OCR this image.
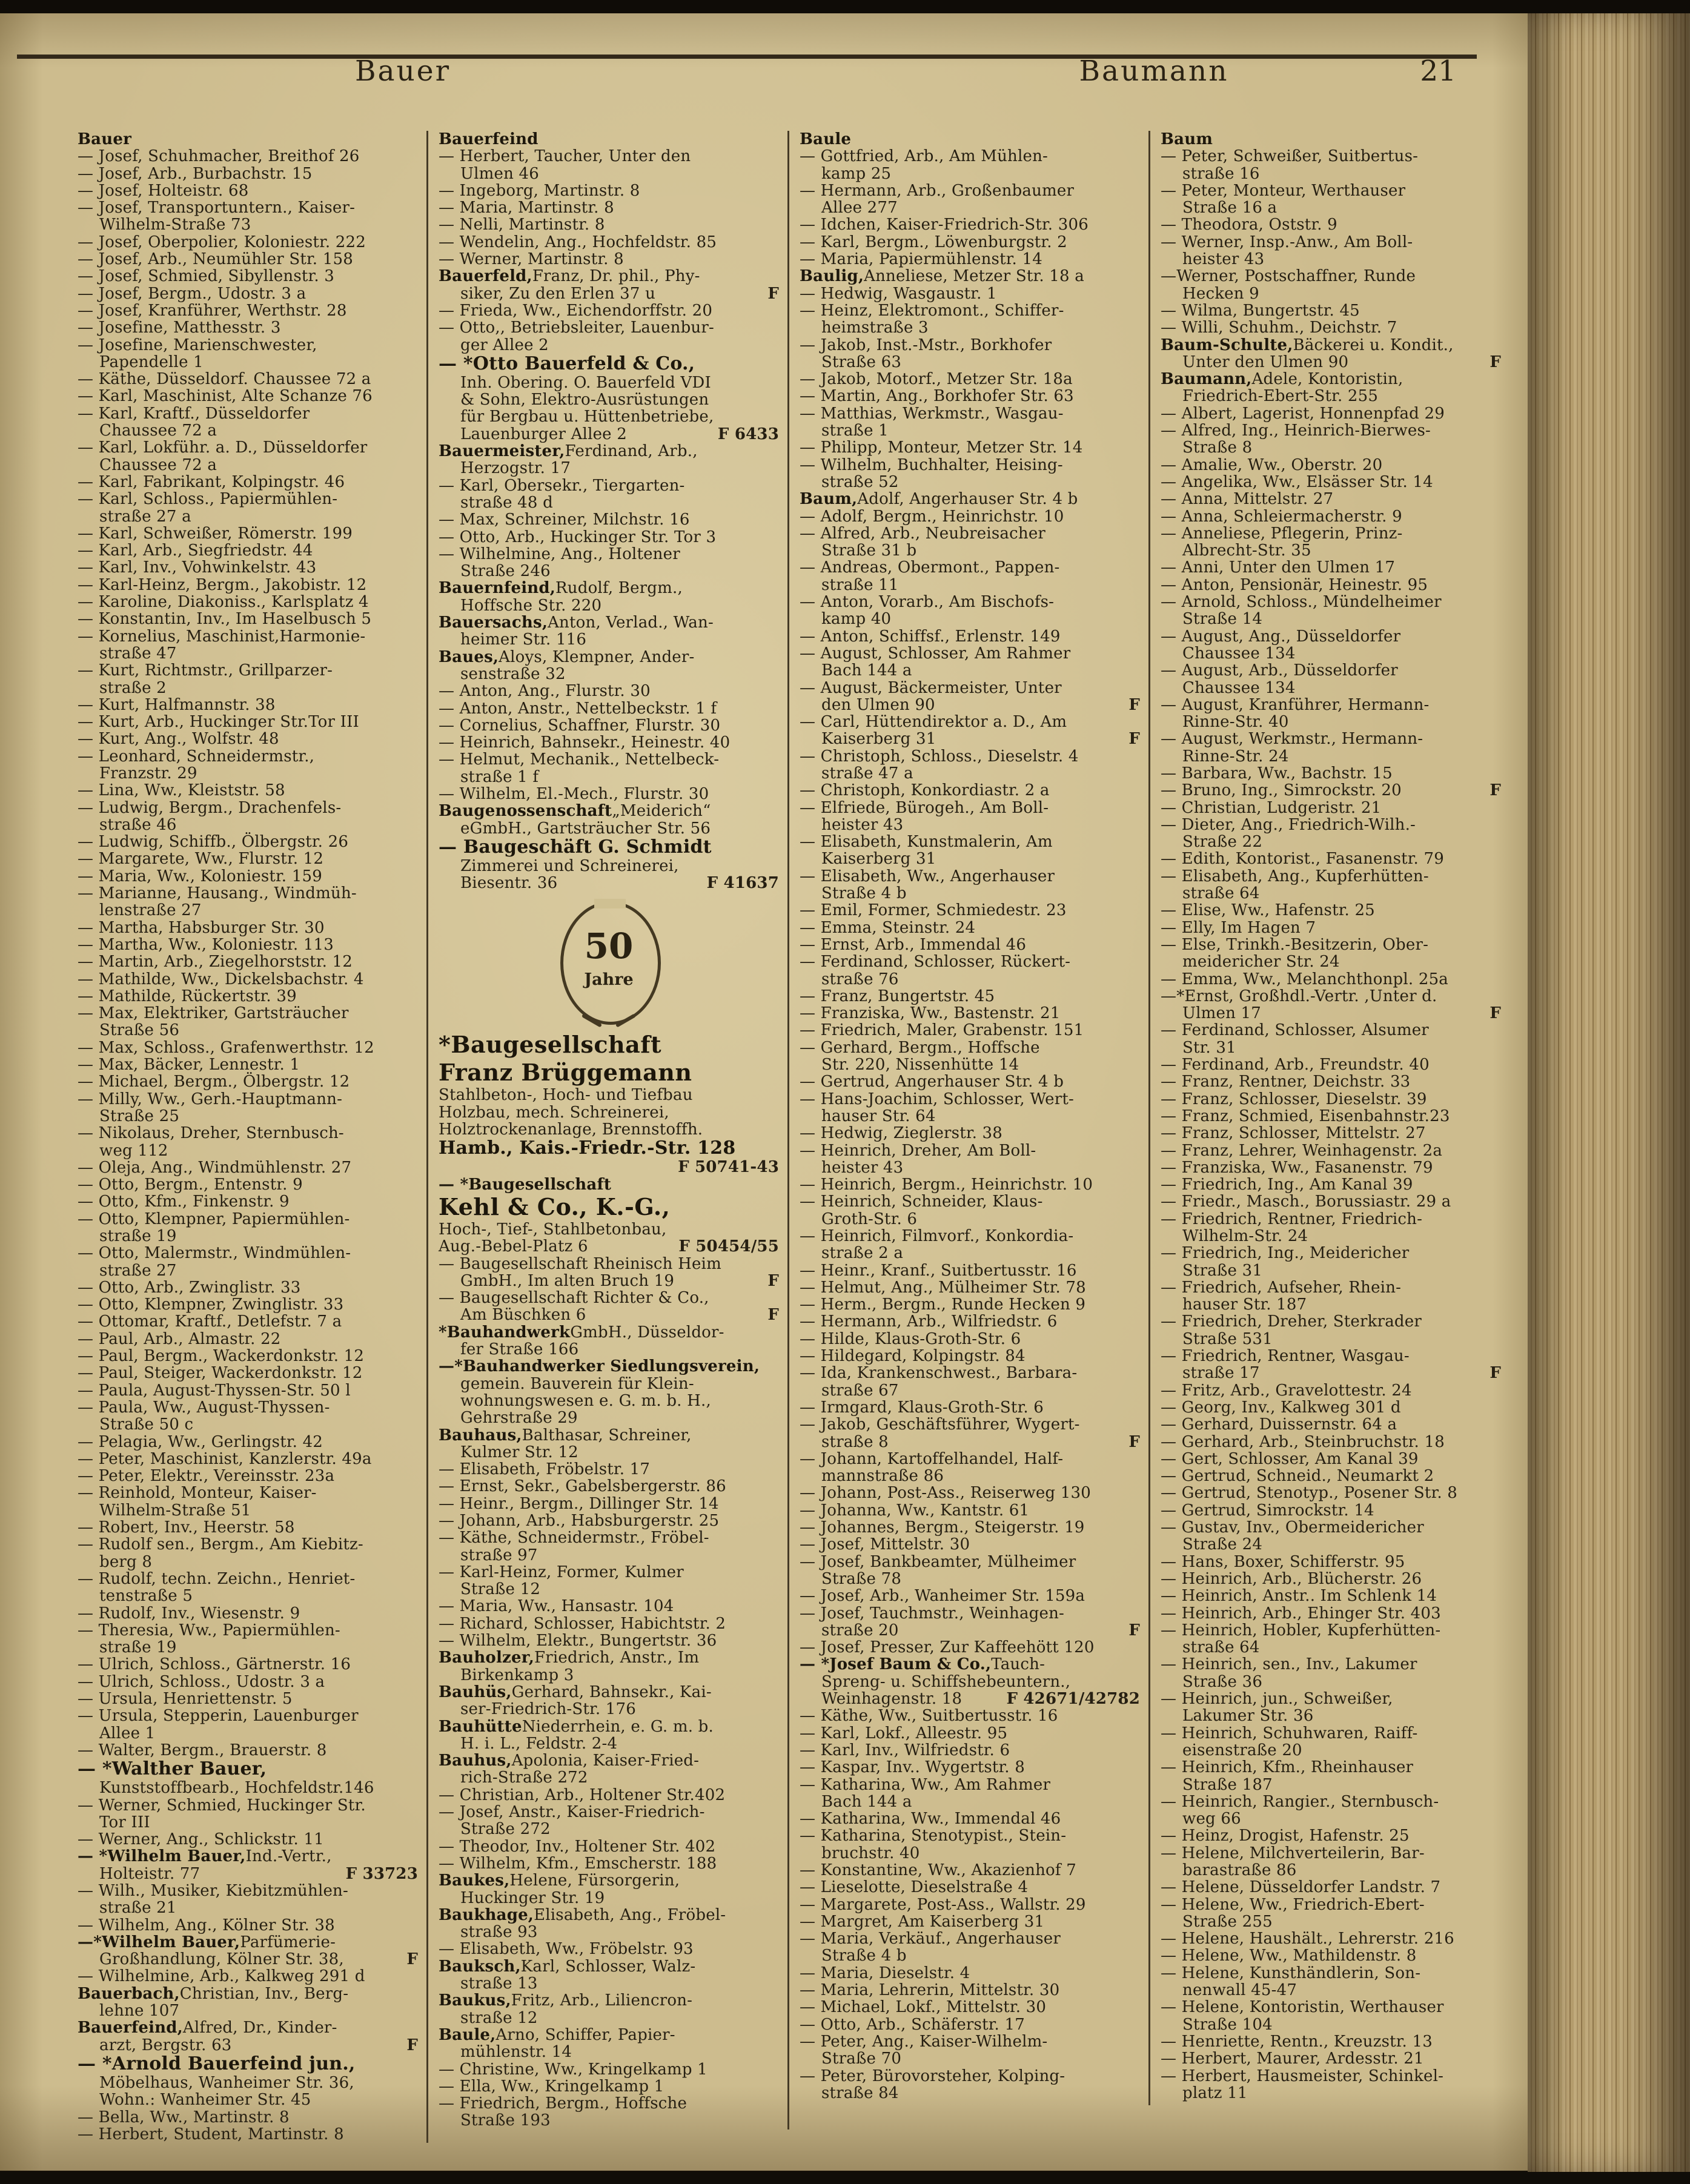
Bauer	Baumann	21
Bauer
— Josef, Schuhmacher, Breithof 26
— Josef, Arb., Burbachstr. 15
— Josef, Holteistr. 68
— Josef, Transportuntern., Kaiser-
Wilhelm-Straße 73
— Josef, Oberpolier, Koloniestr. 222
— Josef, Arb., Neumühler Str. 158
— Josef, Schmied, Sibyllenstr. 3
— Josef, Bergm., Udostr. 3 a
— Josef, Kranführer, Werthstr. 28
— Josefine, Matthesstr. 3
— Josefine, Marienschwester,
Papendelle 1
— Käthe, Düsseldorf. Chaussee 72 a
— Karl, Maschinist, Alte Schanze 76
— Karl, Kraftf., Düsseldorfer
Chaussee 72 a
— Karl, Lokführ. a. D., Düsseldorfer
Chaussee 72 a
— Karl, Fabrikant, Kolpingstr. 46
— Karl, Schloss., Papiermühlen-
straße 27 a
— Karl, Schweißer, Römerstr. 199
— Karl, Arb., Siegfriedstr. 44
— Karl, Inv., Vohwinkelstr. 43
— Karl-Heinz, Bergm., Jakobistr. 12
— Karoline, Diakoniss., Karlsplatz 4
— Konstantin, Inv., Im Haselbusch 5
— Kornelius, Maschinist,Harmonie-
straße 47
— Kurt, Richtmstr., Grillparzer-
straße 2
— Kurt, Halfmannstr. 38
— Kurt, Arb., Huckinger Str.Tor III
— Kurt, Ang., Wolfstr. 48
— Leonhard, Schneidermstr.,
Franzstr. 29
— Lina, Ww., Kleiststr. 58
— Ludwig, Bergm., Drachenfels-
straße 46
— Ludwig, Schiffb., Ölbergstr. 26
— Margarete, Ww., Flurstr. 12
— Maria, Ww., Koloniestr. 159
— Marianne, Hausang., Windmüh-
lenstraße 27
— Martha, Habsburger Str. 30
— Martha, Ww., Koloniestr. 113
— Martin, Arb., Ziegelhorststr. 12
— Mathilde, Ww., Dickelsbachstr. 4
— Mathilde, Rückertstr. 39
— Max, Elektriker, Gartsträucher
Straße 56
— Max, Schloss., Grafenwerthstr. 12
— Max, Bäcker, Lennestr. 1
— Michael, Bergm., Ölbergstr. 12
— Milly, Ww., Gerh.-Hauptmann-
Straße 25
— Nikolaus, Dreher, Sternbusch-
weg 112
— Oleja, Ang., Windmühlenstr. 27
— Otto, Bergm., Entenstr. 9
— Otto, Kfm., Finkenstr. 9
— Otto, Klempner, Papiermühlen-
straße 19
— Otto, Malermstr., Windmühlen-
straße 27
— Otto, Arb., Zwinglistr. 33
— Otto, Klempner, Zwinglistr. 33
— Ottomar, Kraftf., Detlefstr. 7 a
— Paul, Arb., Almastr. 22
— Paul, Bergm., Wackerdonkstr. 12
— Paul, Steiger, Wackerdonkstr. 12
— Paula, August-Thyssen-Str. 50 l
— Paula, Ww., August-Thyssen-
Straße 50 c
— Pelagia, Ww., Gerlingstr. 42
— Peter, Maschinist, Kanzlerstr. 49a
— Peter, Elektr., Vereinsstr. 23a
— Reinhold, Monteur, Kaiser-
Wilhelm-Straße 51
— Robert, Inv., Heerstr. 58
— Rudolf sen., Bergm., Am Kiebitz-
berg 8
— Rudolf, techn. Zeichn., Henriet-
tenstraße 5
— Rudolf, Inv., Wiesenstr. 9
— Theresia, Ww., Papiermühlen-
straße 19
— Ulrich, Schloss., Gärtnerstr. 16
— Ulrich, Schloss., Udostr. 3 a
— Ursula, Henriettenstr. 5
— Ursula, Stepperin, Lauenburger
Allee 1
— Walter, Bergm., Brauerstr. 8
— *Walther Bauer,
Kunststoffbearb., Hochfeldstr.146
— Werner, Schmied, Huckinger Str.
Tor III
— Werner, Ang., Schlickstr. 11
— *Wilhelm Bauer, Ind.-Vertr.,
Holteistr. 77	F 33723
— Wilh., Musiker, Kiebitzmühlen-
straße 21
— Wilhelm, Ang., Kölner Str. 38
—*Wilhelm Bauer, Parfümerie-
Großhandlung, Kölner Str. 38,	F
— Wilhelmine, Arb., Kalkweg 291 d
Bauerbach, Christian, Inv., Berg-
lehne 107
Bauerfeind, Alfred, Dr., Kinder-
arzt, Bergstr. 63	F
— *Arnold Bauerfeind jun.,
Möbelhaus, Wanheimer Str. 36,
Wohn.: Wanheimer Str. 45
— Bella, Ww., Martinstr. 8
— Herbert, Student, Martinstr. 8
Bauerfeind
— Herbert, Taucher, Unter den
Ulmen 46
— Ingeborg, Martinstr. 8
— Maria, Martinstr. 8
— Nelli, Martinstr. 8
— Wendelin, Ang., Hochfeldstr. 85
— Werner, Martinstr. 8
Bauerfeld, Franz, Dr. phil., Phy-
siker, Zu den Erlen 37 u	F
— Frieda, Ww., Eichendorffstr. 20
— Otto,, Betriebsleiter, Lauenbur-
ger Allee 2
— *Otto Bauerfeld & Co.,
Inh. Obering. O. Bauerfeld VDI
& Sohn, Elektro-Ausrüstungen
für Bergbau u. Hüttenbetriebe,
Lauenburger Allee 2	F 6433
Bauermeister, Ferdinand, Arb.,
Herzogstr. 17
— Karl, Obersekr., Tiergarten-
straße 48 d
— Max, Schreiner, Milchstr. 16
— Otto, Arb., Huckinger Str. Tor 3
— Wilhelmine, Ang., Holtener
Straße 246
Bauernfeind, Rudolf, Bergm.,
Hoffsche Str. 220
Bauersachs, Anton, Verlad., Wan-
heimer Str. 116
Baues, Aloys, Klempner, Ander-
senstraße 32
— Anton, Ang., Flurstr. 30
— Anton, Anstr., Nettelbeckstr. 1 f
— Cornelius, Schaffner, Flurstr. 30
— Heinrich, Bahnsekr., Heinestr. 40
— Helmut, Mechanik., Nettelbeck-
straße 1 f
— Wilhelm, El.-Mech., Flurstr. 30
Baugenossenschaft „Meiderich“
eGmbH., Gartsträucher Str. 56
— Baugeschäft G. Schmidt
Zimmerei und Schreinerei,
Biesentr. 36	F 41637
50
Jahre
*Baugesellschaft
Franz Brüggemann
Stahlbeton-, Hoch- und Tiefbau
Holzbau, mech. Schreinerei,
Holztrockenanlage, Brennstoffh.
Hamb., Kais.-Friedr.-Str. 128
F 50741-43
— *Baugesellschaft
Kehl & Co., K.-G.,
Hoch-, Tief-, Stahlbetonbau,
Aug.-Bebel-Platz 6	F 50454/55
— Baugesellschaft Rheinisch Heim
GmbH., Im alten Bruch 19	F
— Baugesellschaft Richter & Co.,
Am Büschken 6	F
*Bauhandwerk GmbH., Düsseldor-
fer Straße 166
—*Bauhandwerker Siedlungsverein,
gemein. Bauverein für Klein-
wohnungswesen e. G. m. b. H.,
Gehrstraße 29
Bauhaus, Balthasar, Schreiner,
Kulmer Str. 12
— Elisabeth, Fröbelstr. 17
— Ernst, Sekr., Gabelsbergerstr. 86
— Heinr., Bergm., Dillinger Str. 14
— Johann, Arb., Habsburgerstr. 25
— Käthe, Schneidermstr., Fröbel-
straße 97
— Karl-Heinz, Former, Kulmer
Straße 12
— Maria, Ww., Hansastr. 104
— Richard, Schlosser, Habichtstr. 2
— Wilhelm, Elektr., Bungertstr. 36
Bauholzer, Friedrich, Anstr., Im
Birkenkamp 3
Bauhüs, Gerhard, Bahnsekr., Kai-
ser-Friedrich-Str. 176
Bauhütte Niederrhein, e. G. m. b.
H. i. L., Feldstr. 2-4
Bauhus, Apolonia, Kaiser-Fried-
rich-Straße 272
— Christian, Arb., Holtener Str.402
— Josef, Anstr., Kaiser-Friedrich-
Straße 272
— Theodor, Inv., Holtener Str. 402
— Wilhelm, Kfm., Emscherstr. 188
Baukes, Helene, Fürsorgerin,
Huckinger Str. 19
Baukhage, Elisabeth, Ang., Fröbel-
straße 93
— Elisabeth, Ww., Fröbelstr. 93
Bauksch, Karl, Schlosser, Walz-
straße 13
Baukus, Fritz, Arb., Liliencron-
straße 12
Baule, Arno, Schiffer, Papier-
mühlenstr. 14
— Christine, Ww., Kringelkamp 1
— Ella, Ww., Kringelkamp 1
— Friedrich, Bergm., Hoffsche
Straße 193
Baule
— Gottfried, Arb., Am Mühlen-
kamp 25
— Hermann, Arb., Großenbaumer
Allee 277
— Idchen, Kaiser-Friedrich-Str. 306
— Karl, Bergm., Löwenburgstr. 2
— Maria, Papiermühlenstr. 14
Baulig, Anneliese, Metzer Str. 18 a
— Hedwig, Wasgaustr. 1
— Heinz, Elektromont., Schiffer-
heimstraße 3
— Jakob, Inst.-Mstr., Borkhofer
Straße 63
— Jakob, Motorf., Metzer Str. 18a
— Martin, Ang., Borkhofer Str. 63
— Matthias, Werkmstr., Wasgau-
straße 1
— Philipp, Monteur, Metzer Str. 14
— Wilhelm, Buchhalter, Heising-
straße 52
Baum, Adolf, Angerhauser Str. 4 b
— Adolf, Bergm., Heinrichstr. 10
— Alfred, Arb., Neubreisacher
Straße 31 b
— Andreas, Obermont., Pappen-
straße 11
— Anton, Vorarb., Am Bischofs-
kamp 40
— Anton, Schiffsf., Erlenstr. 149
— August, Schlosser, Am Rahmer
Bach 144 a
— August, Bäckermeister, Unter
den Ulmen 90	F
— Carl, Hüttendirektor a. D., Am
Kaiserberg 31	F
— Christoph, Schloss., Dieselstr. 4
straße 47 a
— Christoph, Konkordiastr. 2 a
— Elfriede, Bürogeh., Am Boll-
heister 43
— Elisabeth, Kunstmalerin, Am
Kaiserberg 31
— Elisabeth, Ww., Angerhauser
Straße 4 b
— Emil, Former, Schmiedestr. 23
— Emma, Steinstr. 24
— Ernst, Arb., Immendal 46
— Ferdinand, Schlosser, Rückert-
straße 76
— Franz, Bungertstr. 45
— Franziska, Ww., Bastenstr. 21
— Friedrich, Maler, Grabenstr. 151
— Gerhard, Bergm., Hoffsche
Str. 220, Nissenhütte 14
— Gertrud, Angerhauser Str. 4 b
— Hans-Joachim, Schlosser, Wert-
hauser Str. 64
— Hedwig, Zieglerstr. 38
— Heinrich, Dreher, Am Boll-
heister 43
— Heinrich, Bergm., Heinrichstr. 10
— Heinrich, Schneider, Klaus-
Groth-Str. 6
— Heinrich, Filmvorf., Konkordia-
straße 2 a
— Heinr., Kranf., Suitbertusstr. 16
— Helmut, Ang., Mülheimer Str. 78
— Herm., Bergm., Runde Hecken 9
— Hermann, Arb., Wilfriedstr. 6
— Hilde, Klaus-Groth-Str. 6
— Hildegard, Kolpingstr. 84
— Ida, Krankenschwest., Barbara-
straße 67
— Irmgard, Klaus-Groth-Str. 6
— Jakob, Geschäftsführer, Wygert-
straße 8	F
— Johann, Kartoffelhandel, Half-
mannstraße 86
— Johann, Post-Ass., Reiserweg 130
— Johanna, Ww., Kantstr. 61
— Johannes, Bergm., Steigerstr. 19
— Josef, Mittelstr. 30
— Josef, Bankbeamter, Mülheimer
Straße 78
— Josef, Arb., Wanheimer Str. 159a
— Josef, Tauchmstr., Weinhagen-
straße 20	F
— Josef, Presser, Zur Kaffeehött 120
— *Josef Baum & Co., Tauch-
Spreng- u. Schiffshebeuntern.,
Weinhagenstr. 18	F 42671/42782
— Käthe, Ww., Suitbertusstr. 16
— Karl, Lokf., Alleestr. 95
— Karl, Inv., Wilfriedstr. 6
— Kaspar, Inv.. Wygertstr. 8
— Katharina, Ww., Am Rahmer
Bach 144 a
— Katharina, Ww., Immendal 46
— Katharina, Stenotypist., Stein-
bruchstr. 40
— Konstantine, Ww., Akazienhof 7
— Lieselotte, Dieselstraße 4
— Margarete, Post-Ass., Wallstr. 29
— Margret, Am Kaiserberg 31
— Maria, Verkäuf., Angerhauser
Straße 4 b
— Maria, Dieselstr. 4
— Maria, Lehrerin, Mittelstr. 30
— Michael, Lokf., Mittelstr. 30
— Otto, Arb., Schäferstr. 17
— Peter, Ang., Kaiser-Wilhelm-
Straße 70
— Peter, Bürovorsteher, Kolping-
straße 84
Baum
— Peter, Schweißer, Suitbertus-
straße 16
— Peter, Monteur, Werthauser
Straße 16 a
— Theodora, Oststr. 9
— Werner, Insp.-Anw., Am Boll-
heister 43
—Werner, Postschaffner, Runde
Hecken 9
— Wilma, Bungertstr. 45
— Willi, Schuhm., Deichstr. 7
Baum-Schulte, Bäckerei u. Kondit.,
Unter den Ulmen 90	F
Baumann, Adele, Kontoristin,
Friedrich-Ebert-Str. 255
— Albert, Lagerist, Honnenpfad 29
— Alfred, Ing., Heinrich-Bierwes-
Straße 8
— Amalie, Ww., Oberstr. 20
— Angelika, Ww., Elsässer Str. 14
— Anna, Mittelstr. 27
— Anna, Schleiermacherstr. 9
— Anneliese, Pflegerin, Prinz-
Albrecht-Str. 35
— Anni, Unter den Ulmen 17
— Anton, Pensionär, Heinestr. 95
— Arnold, Schloss., Mündelheimer
Straße 14
— August, Ang., Düsseldorfer
Chaussee 134
— August, Arb., Düsseldorfer
Chaussee 134
— August, Kranführer, Hermann-
Rinne-Str. 40
— August, Werkmstr., Hermann-
Rinne-Str. 24
— Barbara, Ww., Bachstr. 15
— Bruno, Ing., Simrockstr. 20	F
— Christian, Ludgeristr. 21
— Dieter, Ang., Friedrich-Wilh.-
Straße 22
— Edith, Kontorist., Fasanenstr. 79
— Elisabeth, Ang., Kupferhütten-
straße 64
— Elise, Ww., Hafenstr. 25
— Elly, Im Hagen 7
— Else, Trinkh.-Besitzerin, Ober-
meidericher Str. 24
— Emma, Ww., Melanchthonpl. 25a
—*Ernst, Großhdl.-Vertr. ,Unter d.
Ulmen 17	F
— Ferdinand, Schlosser, Alsumer
Str. 31
— Ferdinand, Arb., Freundstr. 40
— Franz, Rentner, Deichstr. 33
— Franz, Schlosser, Dieselstr. 39
— Franz, Schmied, Eisenbahnstr.23
— Franz, Schlosser, Mittelstr. 27
— Franz, Lehrer, Weinhagenstr. 2a
— Franziska, Ww., Fasanenstr. 79
— Friedrich, Ing., Am Kanal 39
— Friedr., Masch., Borussiastr. 29 a
— Friedrich, Rentner, Friedrich-
Wilhelm-Str. 24
— Friedrich, Ing., Meidericher
Straße 31
— Friedrich, Aufseher, Rhein-
hauser Str. 187
— Friedrich, Dreher, Sterkrader
Straße 531
— Friedrich, Rentner, Wasgau-
straße 17	F
— Fritz, Arb., Gravelottestr. 24
— Georg, Inv., Kalkweg 301 d
— Gerhard, Duissernstr. 64 a
— Gerhard, Arb., Steinbruchstr. 18
— Gert, Schlosser, Am Kanal 39
— Gertrud, Schneid., Neumarkt 2
— Gertrud, Stenotyp., Posener Str. 8
— Gertrud, Simrockstr. 14
— Gustav, Inv., Obermeidericher
Straße 24
— Hans, Boxer, Schifferstr. 95
— Heinrich, Arb., Blücherstr. 26
— Heinrich, Anstr.. Im Schlenk 14
— Heinrich, Arb., Ehinger Str. 403
— Heinrich, Hobler, Kupferhütten-
straße 64
— Heinrich, sen., Inv., Lakumer
Straße 36
— Heinrich, jun., Schweißer,
Lakumer Str. 36
— Heinrich, Schuhwaren, Raiff-
eisenstraße 20
— Heinrich, Kfm., Rheinhauser
Straße 187
— Heinrich, Rangier., Sternbusch-
weg 66
— Heinz, Drogist, Hafenstr. 25
— Helene, Milchverteilerin, Bar-
barastraße 86
— Helene, Düsseldorfer Landstr. 7
— Helene, Ww., Friedrich-Ebert-
Straße 255
— Helene, Haushält., Lehrerstr. 216
— Helene, Ww., Mathildenstr. 8
— Helene, Kunsthändlerin, Son-
nenwall 45-47
— Helene, Kontoristin, Werthauser
Straße 104
— Henriette, Rentn., Kreuzstr. 13
— Herbert, Maurer, Ardesstr. 21
— Herbert, Hausmeister, Schinkel-
platz 11
